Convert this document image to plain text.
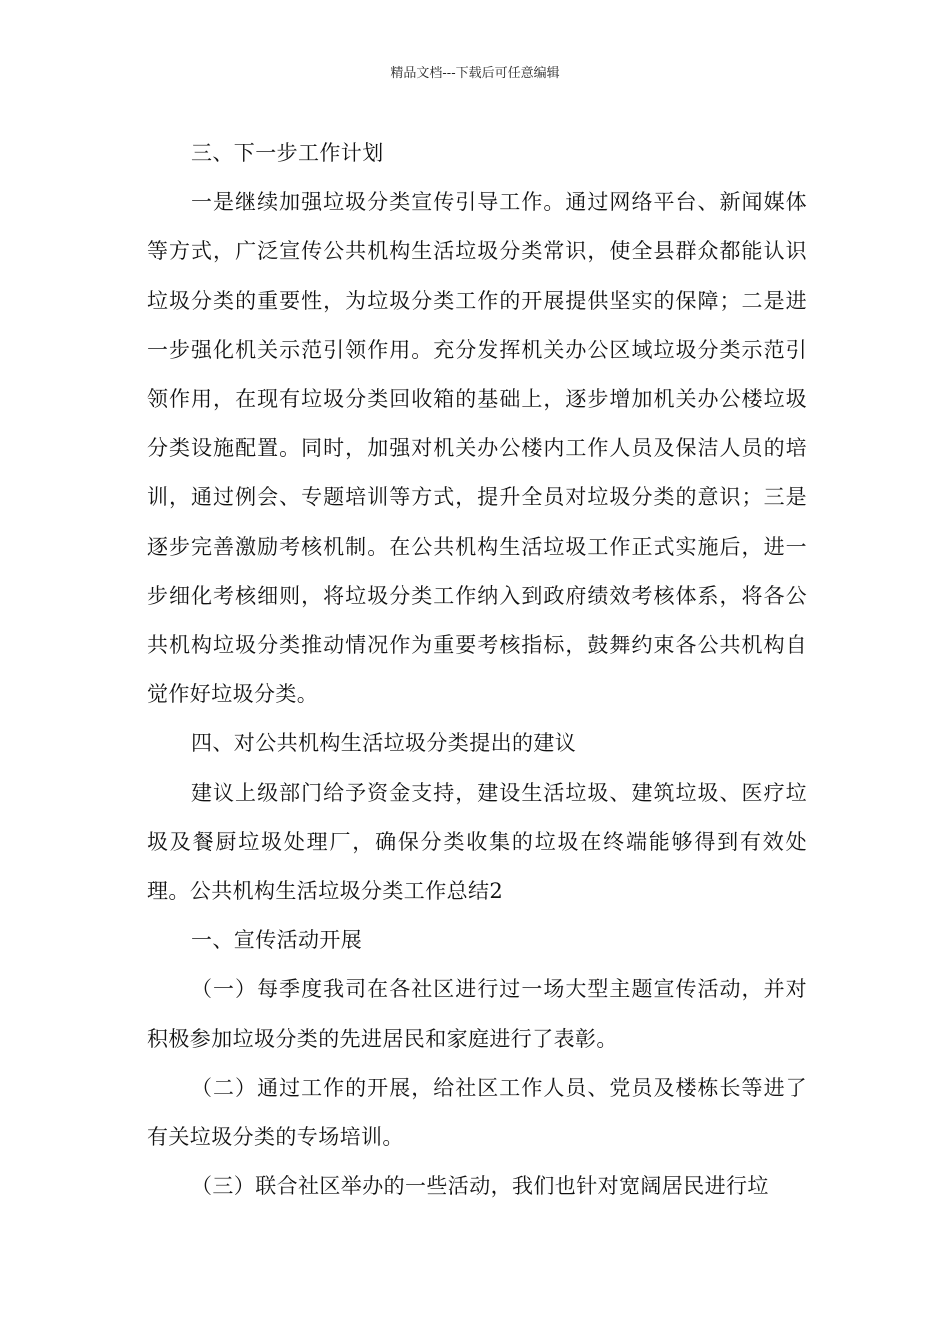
精品文档---下载后可任意编辑

三、下一步工作计划

一是继续加强垃圾分类宣传引导工作。通过网络平台、新闻媒体等方式，广泛宣传公共机构生活垃圾分类常识，使全县群众都能认识垃圾分类的重要性，为垃圾分类工作的开展提供坚实的保障；二是进一步强化机关示范引领作用。充分发挥机关办公区域垃圾分类示范引领作用，在现有垃圾分类回收箱的基础上，逐步增加机关办公楼垃圾分类设施配置。同时，加强对机关办公楼内工作人员及保洁人员的培训，通过例会、专题培训等方式，提升全员对垃圾分类的意识；三是逐步完善激励考核机制。在公共机构生活垃圾工作正式实施后，进一步细化考核细则，将垃圾分类工作纳入到政府绩效考核体系，将各公共机构垃圾分类推动情况作为重要考核指标，鼓舞约束各公共机构自觉作好垃圾分类。

四、对公共机构生活垃圾分类提出的建议

建议上级部门给予资金支持，建设生活垃圾、建筑垃圾、医疗垃圾及餐厨垃圾处理厂，确保分类收集的垃圾在终端能够得到有效处理。公共机构生活垃圾分类工作总结2

一、宣传活动开展

（一）每季度我司在各社区进行过一场大型主题宣传活动，并对积极参加垃圾分类的先进居民和家庭进行了表彰。

（二）通过工作的开展，给社区工作人员、党员及楼栋长等进了有关垃圾分类的专场培训。

（三）联合社区举办的一些活动，我们也针对宽阔居民进行垃
